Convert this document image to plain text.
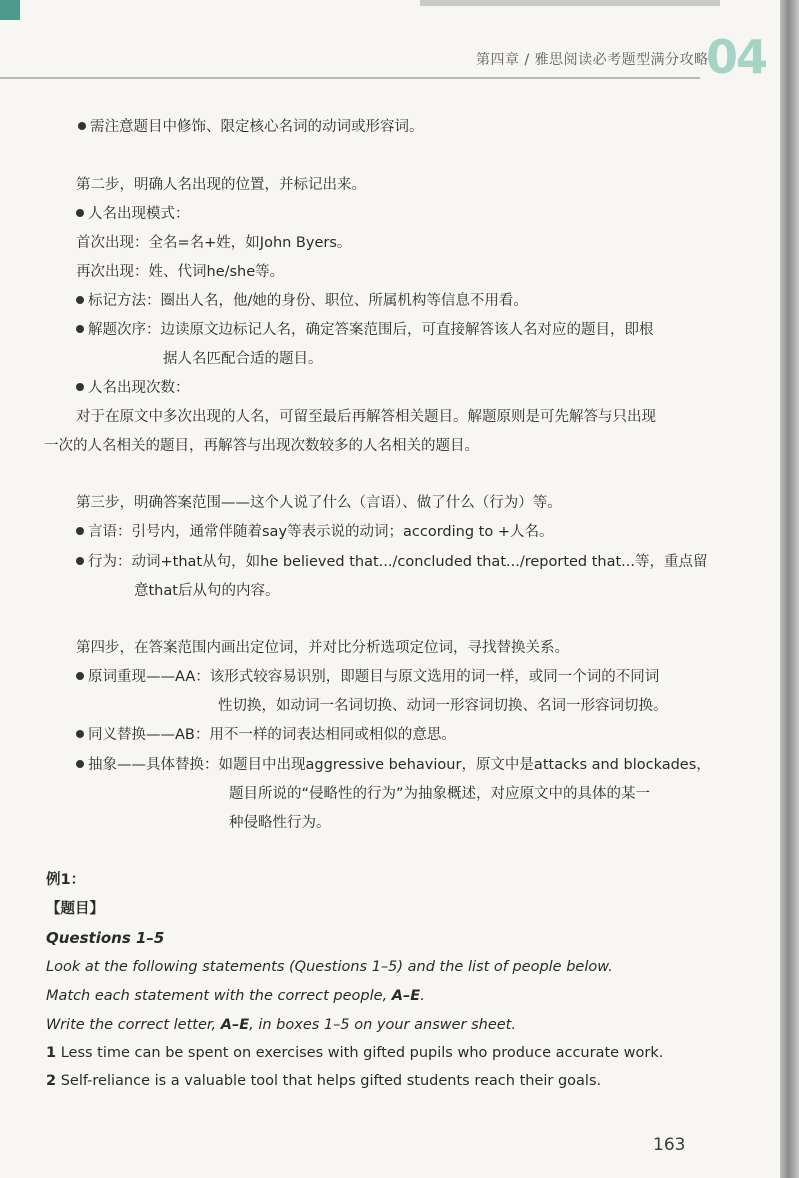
第四章 / 雅思阅读必考题型满分攻略
04
需注意题目中修饰、限定核心名词的动词或形容词。
第二步，明确人名出现的位置，并标记出来。
人名出现模式：
首次出现：全名=名+姓，如John Byers。
再次出现：姓、代词he/she等。
标记方法：圈出人名，他/她的身份、职位、所属机构等信息不用看。
解题次序：边读原文边标记人名，确定答案范围后，可直接解答该人名对应的题目，即根
据人名匹配合适的题目。
人名出现次数：
对于在原文中多次出现的人名，可留至最后再解答相关题目。解题原则是可先解答与只出现
一次的人名相关的题目，再解答与出现次数较多的人名相关的题目。
第三步，明确答案范围——这个人说了什么（言语）、做了什么（行为）等。
言语：引号内，通常伴随着say等表示说的动词；according to +人名。
行为：动词+that从句，如he believed that.../concluded that.../reported that...等，重点留
意that后从句的内容。
第四步，在答案范围内画出定位词，并对比分析选项定位词，寻找替换关系。
原词重现——AA：该形式较容易识别，即题目与原文选用的词一样，或同一个词的不同词
性切换，如动词一名词切换、动词一形容词切换、名词一形容词切换。
同义替换——AB：用不一样的词表达相同或相似的意思。
抽象——具体替换：如题目中出现aggressive behaviour，原文中是attacks and blockades，
题目所说的“侵略性的行为”为抽象概述，对应原文中的具体的某一
种侵略性行为。
例1：
【题目】
Questions 1–5
Look at the following statements (Questions 1–5) and the list of people below.
Match each statement with the correct people, A–E.
Write the correct letter, A–E, in boxes 1–5 on your answer sheet.
1 Less time can be spent on exercises with gifted pupils who produce accurate work.
2 Self-reliance is a valuable tool that helps gifted students reach their goals.
163
